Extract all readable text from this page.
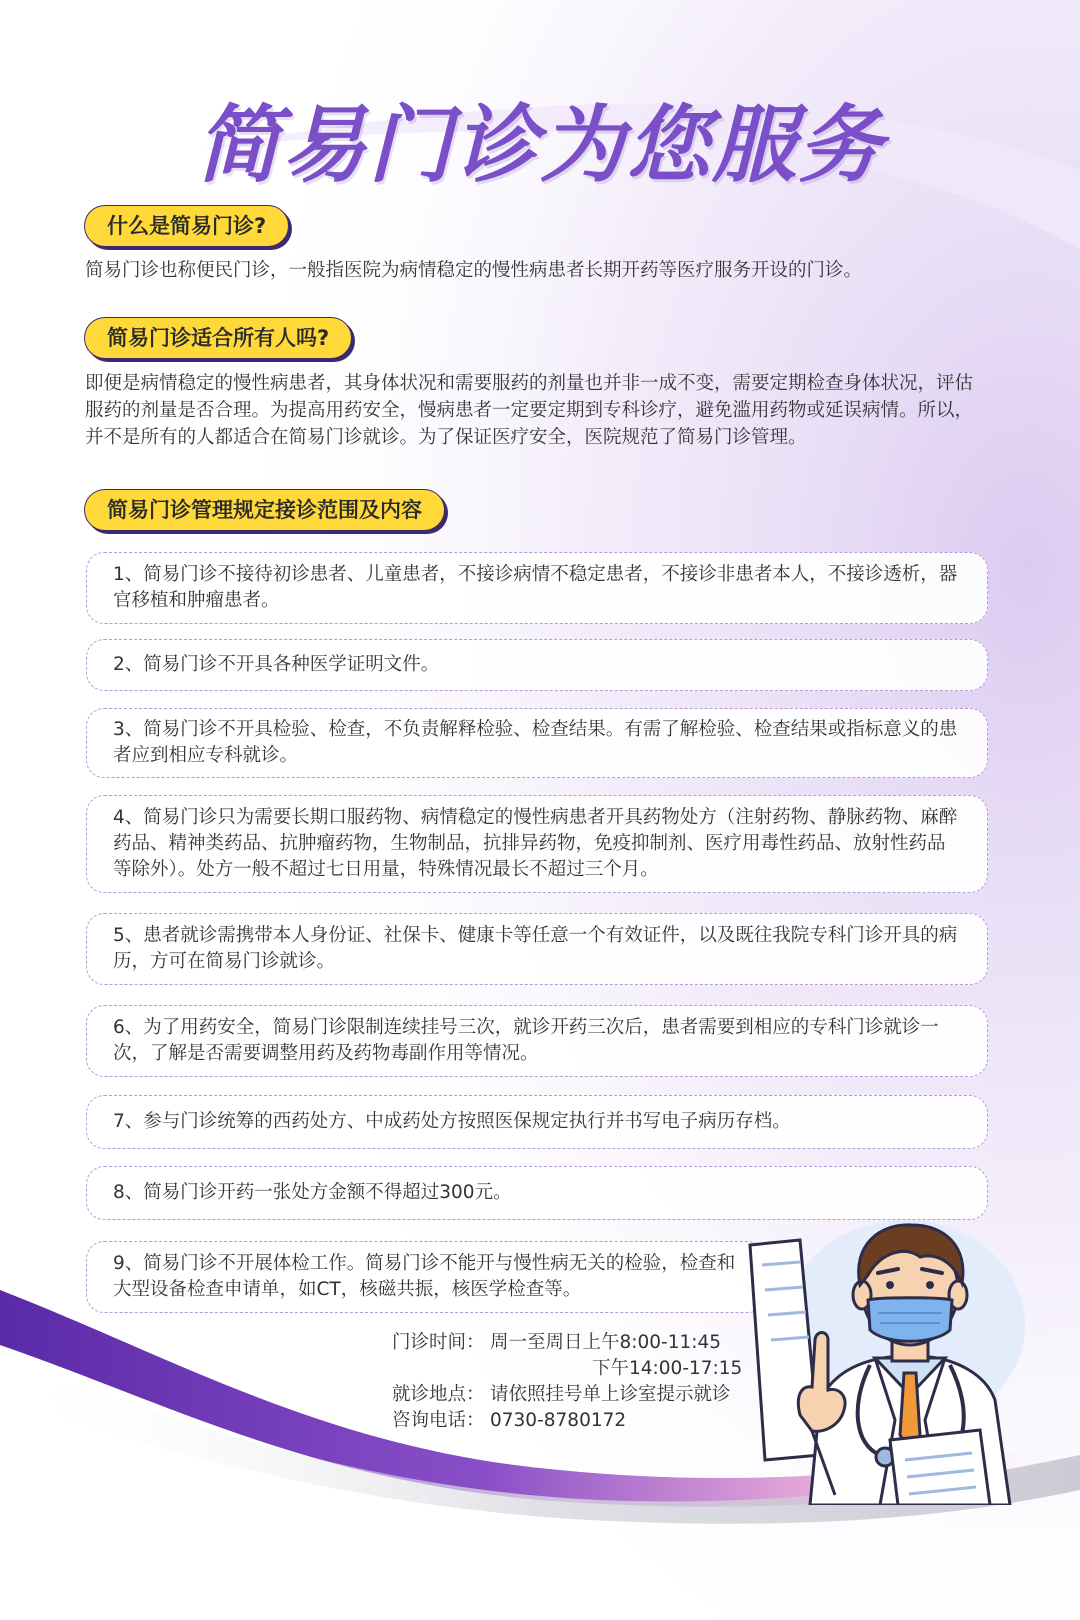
简易门诊为您服务
什么是简易门诊?

简易门诊也称便民门诊，一般指医院为病情稳定的慢性病患者长期开药等医疗服务开设的门诊。

简易门诊适合所有人吗?

即便是病情稳定的慢性病患者，其身体状况和需要服药的剂量也并非一成不变，需要定期检查身体状况，评估服药的剂量是否合理。为提高用药安全，慢病患者一定要定期到专科诊疗，避免滥用药物或延误病情。所以，并不是所有的人都适合在简易门诊就诊。为了保证医疗安全，医院规范了简易门诊管理。

简易门诊管理规定接诊范围及内容
1、简易门诊不接待初诊患者、儿童患者，不接诊病情不稳定患者，不接诊非患者本人，不接诊透析，器官移植和肿瘤患者。
2、简易门诊不开具各种医学证明文件。
3、简易门诊不开具检验、检查，不负责解释检验、检查结果。有需了解检验、检查结果或指标意义的患者应到相应专科就诊。
4、简易门诊只为需要长期口服药物、病情稳定的慢性病患者开具药物处方（注射药物、静脉药物、麻醉药品、精神类药品、抗肿瘤药物，生物制品，抗排异药物，免疫抑制剂、医疗用毒性药品、放射性药品等除外）。处方一般不超过七日用量，特殊情况最长不超过三个月。
5、患者就诊需携带本人身份证、社保卡、健康卡等任意一个有效证件，以及既往我院专科门诊开具的病历，方可在简易门诊就诊。
6、为了用药安全，简易门诊限制连续挂号三次，就诊开药三次后，患者需要到相应的专科门诊就诊一次，了解是否需要调整用药及药物毒副作用等情况。
7、参与门诊统筹的西药处方、中成药处方按照医保规定执行并书写电子病历存档。
8、简易门诊开药一张处方金额不得超过300元。
9、简易门诊不开展体检工作。简易门诊不能开与慢性病无关的检验，检查和大型设备检查申请单，如CT，核磁共振，核医学检查等。
门诊时间： 周一至周日上午8:00-11:45
下午14:00-17:15
就诊地点： 请依照挂号单上诊室提示就诊
咨询电话： 0730-8780172
